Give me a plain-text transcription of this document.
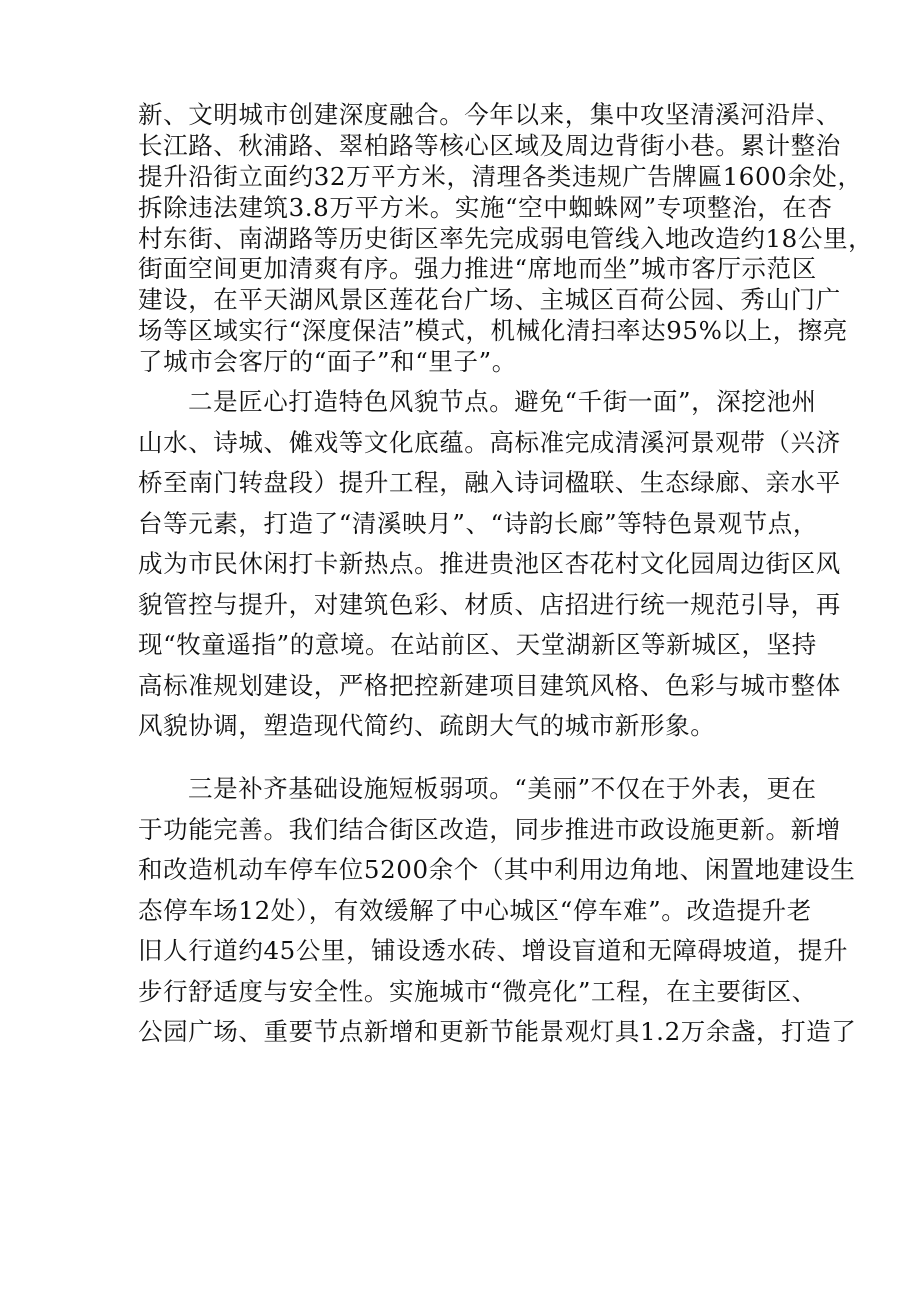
新、文明城市创建深度融合。今年以来，集中攻坚清溪河沿岸、
长江路、秋浦路、翠柏路等核心区域及周边背街小巷。累计整治
提升沿街立面约32万平方米，清理各类违规广告牌匾1600余处，
拆除违法建筑3.8万平方米。实施“空中蜘蛛网”专项整治，在杏
村东街、南湖路等历史街区率先完成弱电管线入地改造约18公里，
街面空间更加清爽有序。强力推进“席地而坐”城市客厅示范区
建设，在平天湖风景区莲花台广场、主城区百荷公园、秀山门广
场等区域实行“深度保洁”模式，机械化清扫率达95%以上，擦亮
了城市会客厅的“面子”和“里子”。
二是匠心打造特色风貌节点。避免“千街一面”，深挖池州
山水、诗城、傩戏等文化底蕴。高标准完成清溪河景观带（兴济
桥至南门转盘段）提升工程，融入诗词楹联、生态绿廊、亲水平
台等元素，打造了“清溪映月”、“诗韵长廊”等特色景观节点，
成为市民休闲打卡新热点。推进贵池区杏花村文化园周边街区风
貌管控与提升，对建筑色彩、材质、店招进行统一规范引导，再
现“牧童遥指”的意境。在站前区、天堂湖新区等新城区，坚持
高标准规划建设，严格把控新建项目建筑风格、色彩与城市整体
风貌协调，塑造现代简约、疏朗大气的城市新形象。
三是补齐基础设施短板弱项。“美丽”不仅在于外表，更在
于功能完善。我们结合街区改造，同步推进市政设施更新。新增
和改造机动车停车位5200余个（其中利用边角地、闲置地建设生
态停车场12处），有效缓解了中心城区“停车难”。改造提升老
旧人行道约45公里，铺设透水砖、增设盲道和无障碍坡道，提升
步行舒适度与安全性。实施城市“微亮化”工程，在主要街区、
公园广场、重要节点新增和更新节能景观灯具1.2万余盏，打造了
